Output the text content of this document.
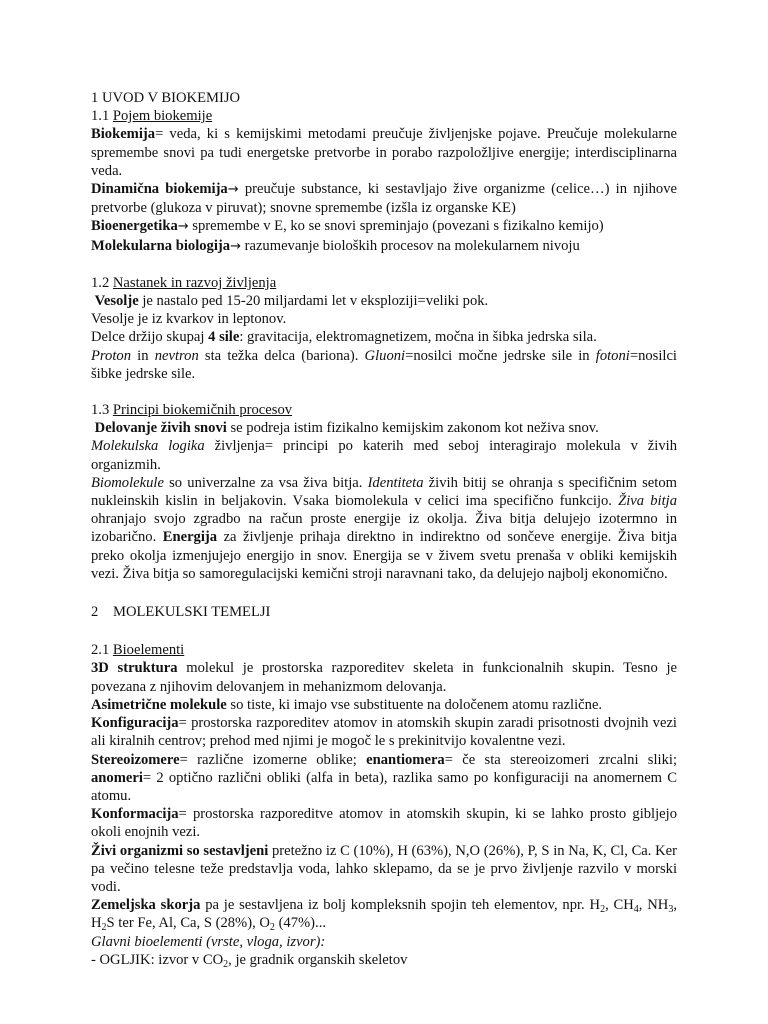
1 UVOD V BIOKEMIJO

1.1 Pojem biokemije

Biokemija= veda, ki s kemijskimi metodami preučuje življenjske pojave. Preučuje molekularne spremembe snovi pa tudi energetske pretvorbe in porabo razpoložljive energije; interdisciplinarna veda.

Dinamična biokemija→ preučuje substance, ki sestavljajo žive organizme (celice…) in njihove pretvorbe (glukoza v piruvat); snovne spremembe (izšla iz organske KE)

Bioenergetika→ spremembe v E, ko se snovi spreminjajo (povezani s fizikalno kemijo)

Molekularna biologija→ razumevanje bioloških procesov na molekularnem nivoju

1.2 Nastanek in razvoj življenja

Vesolje je nastalo ped 15-20 miljardami let v eksploziji=veliki pok.

Vesolje je iz kvarkov in leptonov.

Delce držijo skupaj 4 sile: gravitacija, elektromagnetizem, močna in šibka jedrska sila.

Proton in nevtron sta težka delca (bariona). Gluoni=nosilci močne jedrske sile in fotoni=nosilci šibke jedrske sile.

1.3 Principi biokemičnih procesov

Delovanje živih snovi se podreja istim fizikalno kemijskim zakonom kot neživa snov.

Molekulska logika življenja= principi po katerih med seboj interagirajo molekula v živih organizmih.

Biomolekule so univerzalne za vsa živa bitja. Identiteta živih bitij se ohranja s specifičnim setom nukleinskih kislin in beljakovin. Vsaka biomolekula v celici ima specifično funkcijo. Živa bitja ohranjajo svojo zgradbo na račun proste energije iz okolja. Živa bitja delujejo izotermno in izobarično. Energija za življenje prihaja direktno in indirektno od sončeve energije. Živa bitja preko okolja izmenjujejo energijo in snov. Energija se v živem svetu prenaša v obliki kemijskih vezi. Živa bitja so samoregulacijski kemični stroji naravnani tako, da delujejo najbolj ekonomično.

2 MOLEKULSKI TEMELJI

2.1 Bioelementi

3D struktura molekul je prostorska razporeditev skeleta in funkcionalnih skupin. Tesno je povezana z njihovim delovanjem in mehanizmom delovanja.

Asimetrične molekule so tiste, ki imajo vse substituente na določenem atomu različne.

Konfiguracija= prostorska razporeditev atomov in atomskih skupin zaradi prisotnosti dvojnih vezi ali kiralnih centrov; prehod med njimi je mogoč le s prekinitvijo kovalentne vezi.

Stereoizomere= različne izomerne oblike; enantiomera= če sta stereoizomeri zrcalni sliki; anomeri= 2 optično različni obliki (alfa in beta), razlika samo po konfiguraciji na anomernem C atomu.

Konformacija= prostorska razporeditve atomov in atomskih skupin, ki se lahko prosto gibljejo okoli enojnih vezi.

Živi organizmi so sestavljeni pretežno iz C (10%), H (63%), N,O (26%), P, S in Na, K, Cl, Ca. Ker pa večino telesne teže predstavlja voda, lahko sklepamo, da se je prvo življenje razvilo v morski vodi.

Zemeljska skorja pa je sestavljena iz bolj kompleksnih spojin teh elementov, npr. $H_2$, $CH_4$, $NH_3$, $H_2S$ ter Fe, Al, Ca, S (28%), $O_2$ (47%)...

Glavni bioelementi (vrste, vloga, izvor):

- OGLJIK: izvor v $CO_2$, je gradnik organskih skeletov
